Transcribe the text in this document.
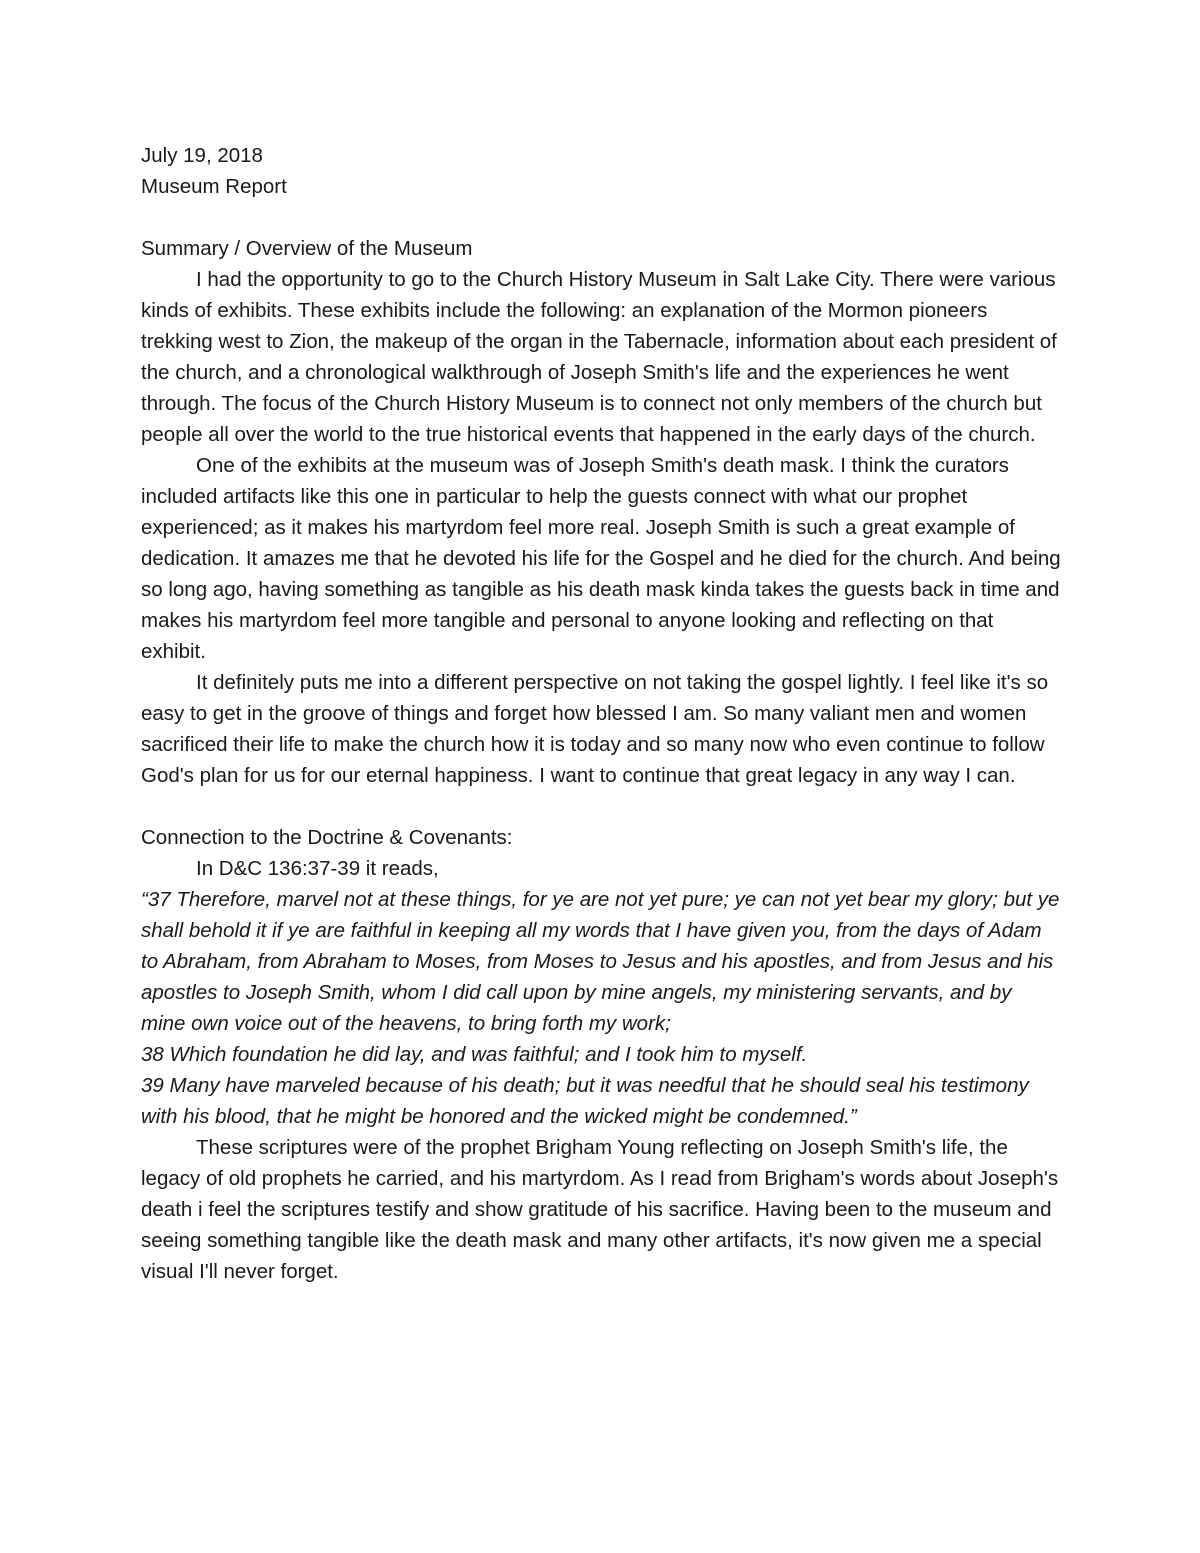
July 19, 2018
Museum Report
Summary / Overview of the Museum

I had the opportunity to go to the Church History Museum in Salt Lake City. There were various kinds of exhibits. These exhibits include the following: an explanation of the Mormon pioneers trekking west to Zion, the makeup of the organ in the Tabernacle, information about each president of the church, and a chronological walkthrough of Joseph Smith's life and the experiences he went through. The focus of the Church History Museum is to connect not only members of the church but people all over the world to the true historical events that happened in the early days of the church.

One of the exhibits at the museum was of Joseph Smith's death mask. I think the curators included artifacts like this one in particular to help the guests connect with what our prophet experienced; as it makes his martyrdom feel more real. Joseph Smith is such a great example of dedication. It amazes me that he devoted his life for the Gospel and he died for the church. And being so long ago, having something as tangible as his death mask kinda takes the guests back in time and makes his martyrdom feel more tangible and personal to anyone looking and reflecting on that exhibit.

It definitely puts me into a different perspective on not taking the gospel lightly. I feel like it's so easy to get in the groove of things and forget how blessed I am. So many valiant men and women sacrificed their life to make the church how it is today and so many now who even continue to follow God's plan for us for our eternal happiness. I want to continue that great legacy in any way I can.

Connection to the Doctrine & Covenants:

In D&C 136:37-39 it reads,

“37 Therefore, marvel not at these things, for ye are not yet pure; ye can not yet bear my glory; but ye shall behold it if ye are faithful in keeping all my words that I have given you, from the days of Adam to Abraham, from Abraham to Moses, from Moses to Jesus and his apostles, and from Jesus and his apostles to Joseph Smith, whom I did call upon by mine angels, my ministering servants, and by mine own voice out of the heavens, to bring forth my work;

38 Which foundation he did lay, and was faithful; and I took him to myself.

39 Many have marveled because of his death; but it was needful that he should seal his testimony with his blood, that he might be honored and the wicked might be condemned.”

These scriptures were of the prophet Brigham Young reflecting on Joseph Smith's life, the legacy of old prophets he carried, and his martyrdom. As I read from Brigham's words about Joseph's death i feel the scriptures testify and show gratitude of his sacrifice. Having been to the museum and seeing something tangible like the death mask and many other artifacts, it's now given me a special visual I'll never forget.
